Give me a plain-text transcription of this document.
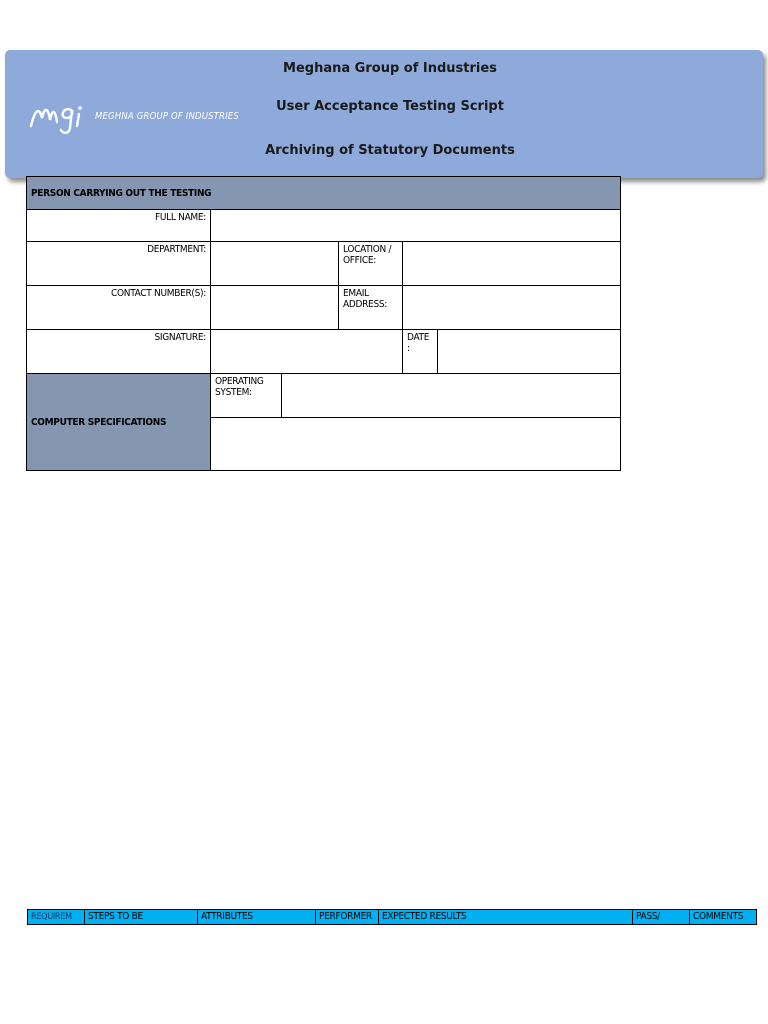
MEGHNA GROUP OF INDUSTRIES
Meghana Group of Industries
User Acceptance Testing Script
Archiving of Statutory Documents
PERSON CARRYING OUT THE TESTING					
FULL NAME:					
DEPARTMENT:			LOCATION / OFFICE:		
CONTACT NUMBER(S):			EMAIL ADDRESS:		
SIGNATURE:				DATE :	
COMPUTER SPECIFICATIONS	OPERATING SYSTEM:				

REQUIREM	STEPS TO BE	ATTRIBUTES	PERFORMER	EXPECTED RESULTS	PASS/	COMMENTS
